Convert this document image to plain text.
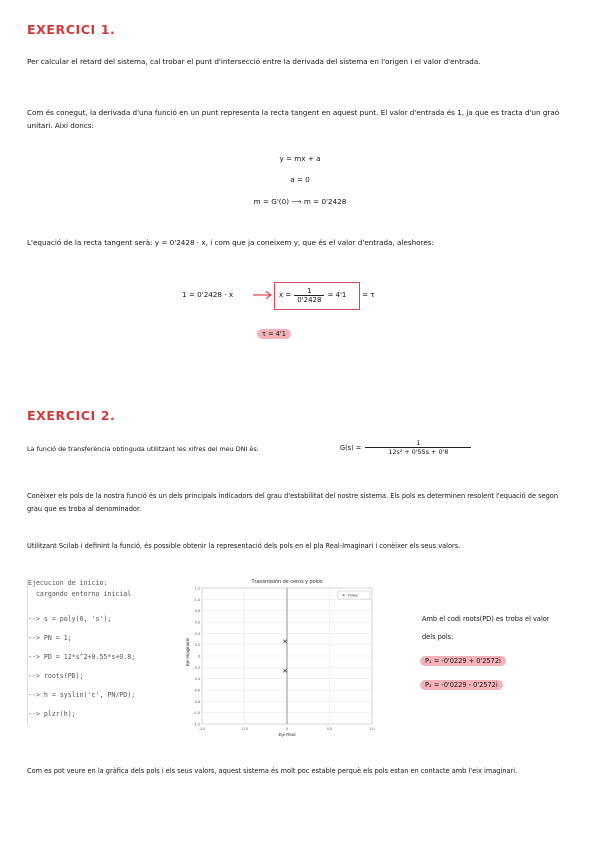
EXERCICI 1.
Per calcular el retard del sistema, cal trobar el punt d'intersecció entre la derivada del sistema en l'origen i el valor d'entrada.
Com és conegut, la derivada d'una funció en un punt representa la recta tangent en aquest punt. El valor d'entrada és 1, ja que es tracta d'un graó unitari. Així doncs:
y = mx + a
a = 0
m = G'(0) ⟶ m = 0'2428
L'equació de la recta tangent serà: y = 0'2428 · x, i com que ja coneixem y, que és el valor d'entrada, aleshores:
1 = 0'2428 · x	$x = \frac{1}{0'2428} = 4'1 = \tau$
τ = 4'1
EXERCICI 2.
La funció de transferència obtinguda utilitzant les xifres del meu DNI és:	$G(s) = \frac{1}{\text{12s² + 0'55s + 0'8}}$
Conèixer els pols de la nostra funció és un dels principals indicadors del grau d'estabilitat del nostre sistema. Els pols es determinen resolent l'equació de segon grau que es troba al denominador.
Utilitzant Scilab i definint la funció, és possible obtenir la representació dels pols en el pla Real-Imaginari i conèixer els seus valors.
Ejecucion de inicio:
cargando entorno inicial
--> s = poly(0, 's');
--> PN = 1;
--> PD = 12*s^2+0.55*s+0.8;
--> roots(PD);
--> h = syslin('c', PN/PD);
--> plzr(h);
Transmisión de ceros y polos
1.2
1.0
0.8
0.6
0.4
0.2
0
-0.2
-0.4
-0.6
-0.8
-1.0
-1.2
-1.0	-0.5	0	0.5	1.0
× Polos
Eje Real
Eje Imaginario
Amb el codi roots(PD) es troba el valor dels pols:
P₁ = -0'0229 + 0'2572i
P₂ = -0'0229 - 0'2572i
Com es pot veure en la gràfica dels pols i els seus valors, aquest sistema és molt poc estable perquè els pols estan en contacte amb l'eix imaginari.
